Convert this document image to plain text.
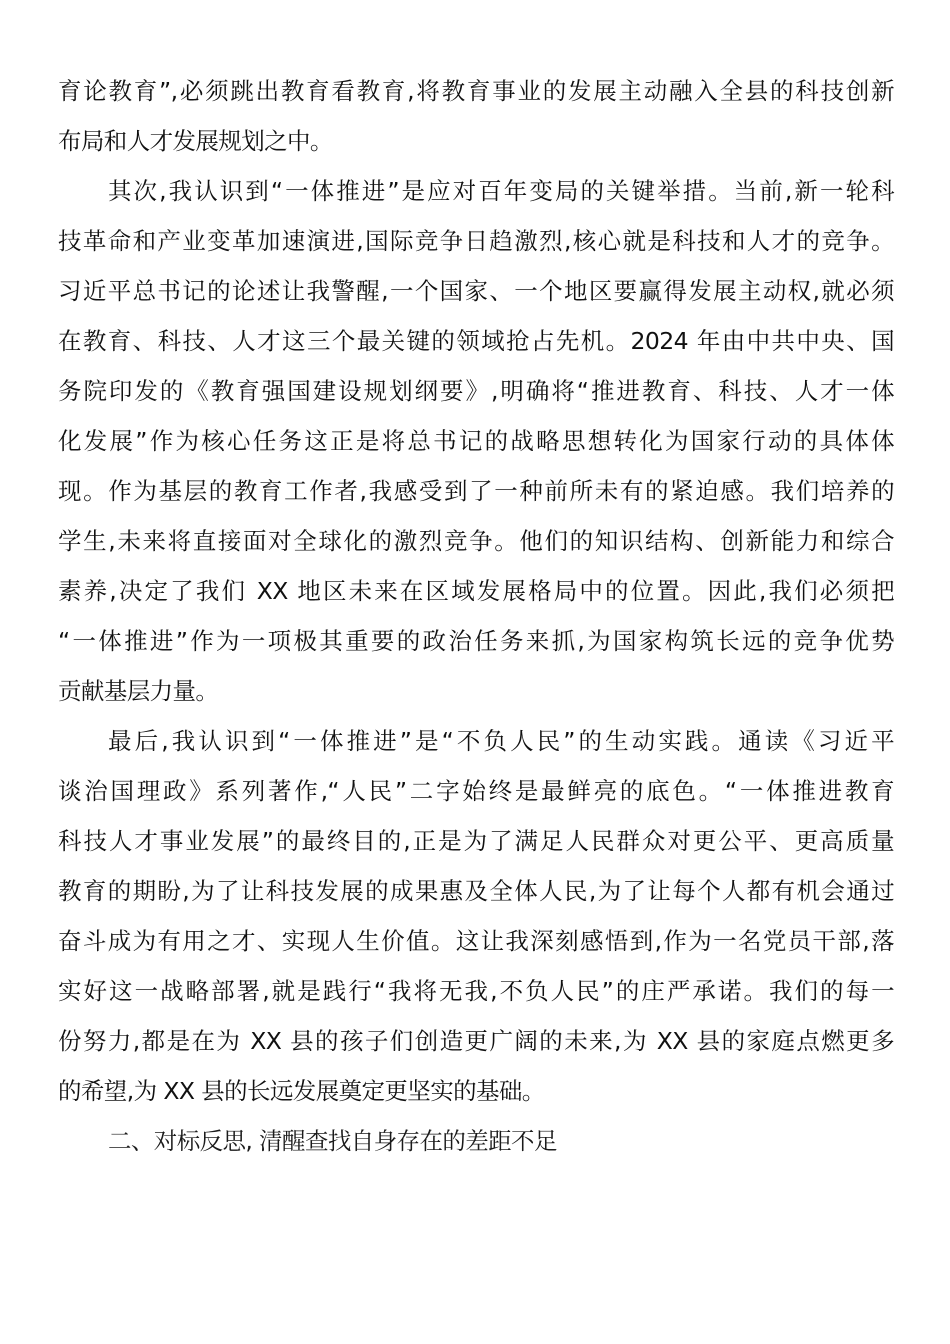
育论教育”,必须跳出教育看教育,将教育事业的发展主动融入全县的科技创新
布局和人才发展规划之中。
其次,我认识到“一体推进”是应对百年变局的关键举措。当前,新一轮科
技革命和产业变革加速演进,国际竞争日趋激烈,核心就是科技和人才的竞争。
习近平总书记的论述让我警醒,一个国家、一个地区要赢得发展主动权,就必须
在教育、科技、人才这三个最关键的领域抢占先机。2024 年由中共中央、国
务院印发的《教育强国建设规划纲要》,明确将“推进教育、科技、人才一体
化发展”作为核心任务这正是将总书记的战略思想转化为国家行动的具体体
现。作为基层的教育工作者,我感受到了一种前所未有的紧迫感。我们培养的
学生,未来将直接面对全球化的激烈竞争。他们的知识结构、创新能力和综合
素养,决定了我们 XX 地区未来在区域发展格局中的位置。因此,我们必须把
“一体推进”作为一项极其重要的政治任务来抓,为国家构筑长远的竞争优势
贡献基层力量。
最后,我认识到“一体推进”是“不负人民”的生动实践。通读《习近平
谈治国理政》系列著作,“人民”二字始终是最鲜亮的底色。“一体推进教育
科技人才事业发展”的最终目的,正是为了满足人民群众对更公平、更高质量
教育的期盼,为了让科技发展的成果惠及全体人民,为了让每个人都有机会通过
奋斗成为有用之才、实现人生价值。这让我深刻感悟到,作为一名党员干部,落
实好这一战略部署,就是践行“我将无我,不负人民”的庄严承诺。我们的每一
份努力,都是在为 XX 县的孩子们创造更广阔的未来,为 XX 县的家庭点燃更多
的希望,为 XX 县的长远发展奠定更坚实的基础。
二、对标反思, 清醒查找自身存在的差距不足
